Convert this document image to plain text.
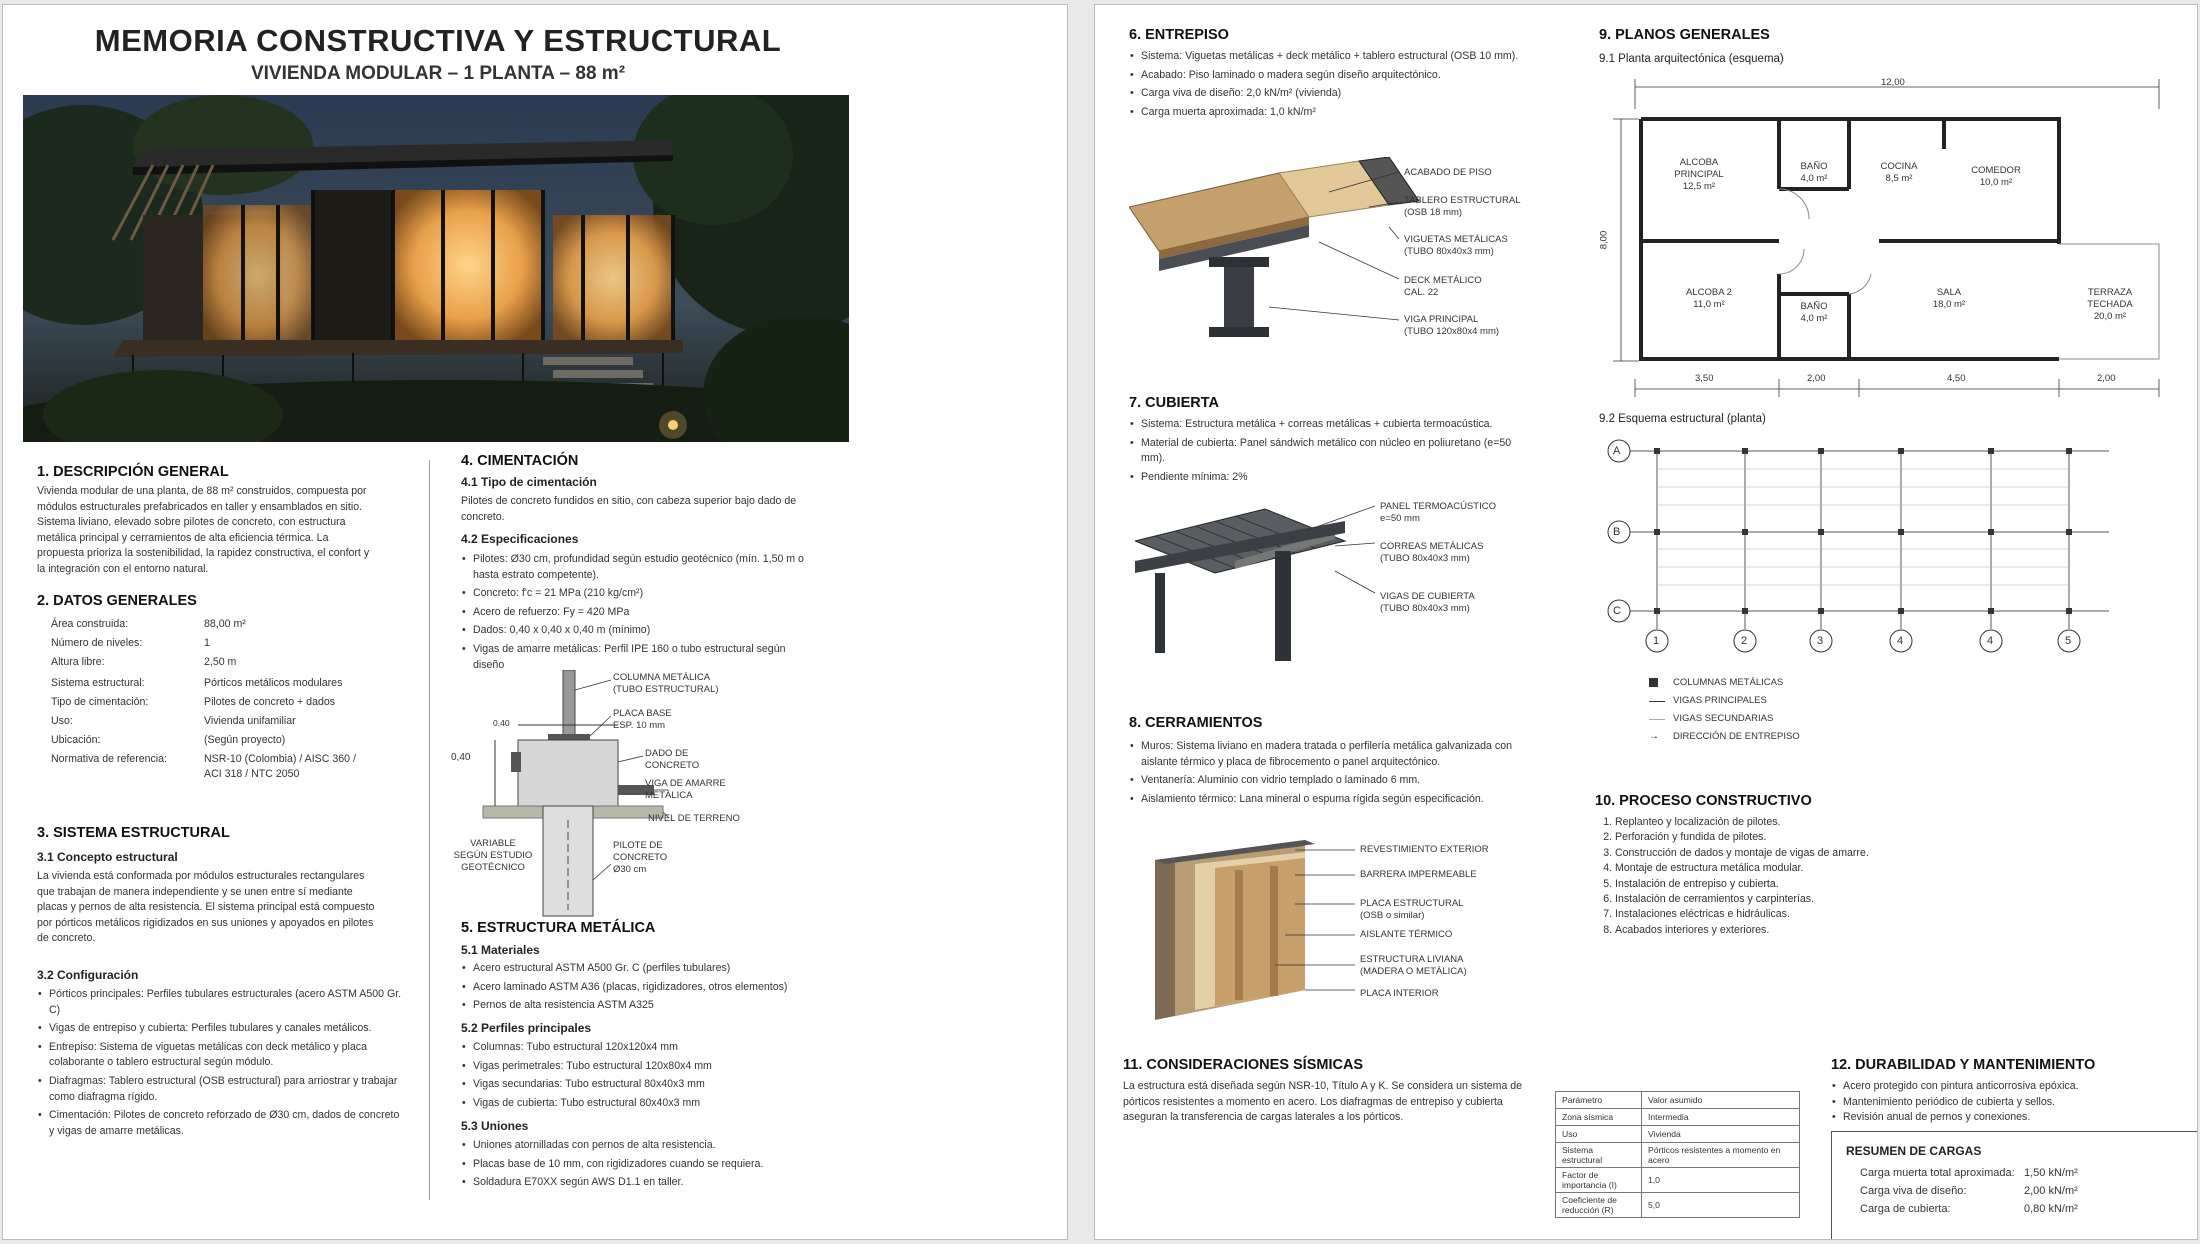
MEMORIA CONSTRUCTIVA Y ESTRUCTURAL
VIVIENDA MODULAR – 1 PLANTA – 88 m²
1. DESCRIPCIÓN GENERAL

Vivienda modular de una planta, de 88 m² construidos, compuesta por módulos estructurales prefabricados en taller y ensamblados en sitio. Sistema liviano, elevado sobre pilotes de concreto, con estructura metálica principal y cerramientos de alta eficiencia térmica. La propuesta prioriza la sostenibilidad, la rapidez constructiva, el confort y la integración con el entorno natural.

2. DATOS GENERALES
Área construida:	88,00 m²
Número de niveles:	1
Altura libre:	2,50 m
Sistema estructural:	Pórticos metálicos modulares
Tipo de cimentación:	Pilotes de concreto + dados
Uso:	Vivienda unifamiliar
Ubicación:	(Según proyecto)
Normativa de referencia:	NSR-10 (Colombia) / AISC 360 / ACI 318 / NTC 2050
3. SISTEMA ESTRUCTURAL
3.1 Concepto estructural

La vivienda está conformada por módulos estructurales rectangulares que trabajan de manera independiente y se unen entre sí mediante placas y pernos de alta resistencia. El sistema principal está compuesto por pórticos metálicos rigidizados en sus uniones y apoyados en pilotes de concreto.

3.2 Configuración
• Pórticos principales: Perfiles tubulares estructurales (acero ASTM A500 Gr. C)
• Vigas de entrepiso y cubierta: Perfiles tubulares y canales metálicos.
• Entrepiso: Sistema de viguetas metálicas con deck metálico y placa colaborante o tablero estructural según módulo.
• Diafragmas: Tablero estructural (OSB estructural) para arriostrar y trabajar como diafragma rígido.
• Cimentación: Pilotes de concreto reforzado de Ø30 cm, dados de concreto y vigas de amarre metálicas.
4. CIMENTACIÓN
4.1 Tipo de cimentación

Pilotes de concreto fundidos en sitio, con cabeza superior bajo dado de concreto.

4.2 Especificaciones
• Pilotes: Ø30 cm, profundidad según estudio geotécnico (mín. 1,50 m o hasta estrato competente).
• Concreto: f'c = 21 MPa (210 kg/cm²)
• Acero de refuerzo: Fy = 420 MPa
• Dados: 0,40 x 0,40 x 0,40 m (mínimo)
• Vigas de amarre metálicas: Perfil IPE 160 o tubo estructural según diseño
COLUMNA METÁLICA
(TUBO ESTRUCTURAL)
PLACA BASE
ESP. 10 mm
DADO DE
CONCRETO
VIGA DE AMARRE
METÁLICA
NIVEL DE TERRENO
VARIABLE
SEGÚN ESTUDIO
GEOTÉCNICO
PILOTE DE
CONCRETO
Ø30 cm
0,40
0,40
5. ESTRUCTURA METÁLICA
5.1 Materiales
• Acero estructural ASTM A500 Gr. C (perfiles tubulares)
• Acero laminado ASTM A36 (placas, rigidizadores, otros elementos)
• Pernos de alta resistencia ASTM A325
5.2 Perfiles principales
• Columnas: Tubo estructural 120x120x4 mm
• Vigas perimetrales: Tubo estructural 120x80x4 mm
• Vigas secundarias: Tubo estructural 80x40x3 mm
• Vigas de cubierta: Tubo estructural 80x40x3 mm
5.3 Uniones
• Uniones atornilladas con pernos de alta resistencia.
• Placas base de 10 mm, con rigidizadores cuando se requiera.
• Soldadura E70XX según AWS D1.1 en taller.
6. ENTREPISO
• Sistema: Viguetas metálicas + deck metálico + tablero estructural (OSB 10 mm).
• Acabado: Piso laminado o madera según diseño arquitectónico.
• Carga viva de diseño: 2,0 kN/m² (vivienda)
• Carga muerta aproximada: 1,0 kN/m²
ACABADO DE PISO
TABLERO ESTRUCTURAL
(OSB 18 mm)
VIGUETAS METÁLICAS
(TUBO 80x40x3 mm)
DECK METÁLICO
CAL. 22
VIGA PRINCIPAL
(TUBO 120x80x4 mm)
7. CUBIERTA
• Sistema: Estructura metálica + correas metálicas + cubierta termoacústica.
• Material de cubierta: Panel sándwich metálico con núcleo en poliuretano (e=50 mm).
• Pendiente mínima: 2%
PANEL TERMOACÚSTICO
e=50 mm
CORREAS METÁLICAS
(TUBO 80x40x3 mm)
VIGAS DE CUBIERTA
(TUBO 80x40x3 mm)
8. CERRAMIENTOS
• Muros: Sistema liviano en madera tratada o perfilería metálica galvanizada con aislante térmico y placa de fibrocemento o panel arquitectónico.
• Ventanería: Aluminio con vidrio templado o laminado 6 mm.
• Aislamiento térmico: Lana mineral o espuma rígida según especificación.
REVESTIMIENTO EXTERIOR
BARRERA IMPERMEABLE
PLACA ESTRUCTURAL
(OSB o similar)
AISLANTE TÉRMICO
ESTRUCTURA LIVIANA
(MADERA O METÁLICA)
PLACA INTERIOR
11. CONSIDERACIONES SÍSMICAS

La estructura está diseñada según NSR-10, Título A y K. Se considera un sistema de pórticos resistentes a momento en acero. Los diafragmas de entrepiso y cubierta aseguran la transferencia de cargas laterales a los pórticos.

Parámetro	Valor asumido
Zona sísmica	Intermedia
Uso	Vivienda
Sistema estructural	Pórticos resistentes a momento en acero
Factor de importancia (I)	1,0
Coeficiente de reducción (R)	5,0
9. PLANOS GENERALES
9.1 Planta arquitectónica (esquema)
12,00
8,00
3,50	2,00	4,50	2,00
ALCOBA
PRINCIPAL
12,5 m²
BAÑO
4,0 m²
COCINA
8,5 m²
COMEDOR
10,0 m²
ALCOBA 2
11,0 m²	BAÑO
4,0 m²
SALA
18,0 m²
TERRAZA
TECHADA
20,0 m²
9.2 Esquema estructural (planta)
A
B
C
1	2	3	4	4	5
COLUMNAS METÁLICAS
VIGAS PRINCIPALES
VIGAS SECUNDARIAS
→ DIRECCIÓN DE ENTREPISO
10. PROCESO CONSTRUCTIVO
1. Replanteo y localización de pilotes.
2. Perforación y fundida de pilotes.
3. Construcción de dados y montaje de vigas de amarre.
4. Montaje de estructura metálica modular.
5. Instalación de entrepiso y cubierta.
6. Instalación de cerramientos y carpinterías.
7. Instalaciones eléctricas e hidráulicas.
8. Acabados interiores y exteriores.
12. DURABILIDAD Y MANTENIMIENTO
• Acero protegido con pintura anticorrosiva epóxica.
• Mantenimiento periódico de cubierta y sellos.
• Revisión anual de pernos y conexiones.
RESUMEN DE CARGAS
Carga muerta total aproximada: 1,50 kN/m²
Carga viva de diseño:	2,00 kN/m²
Carga de cubierta:	0,80 kN/m²
